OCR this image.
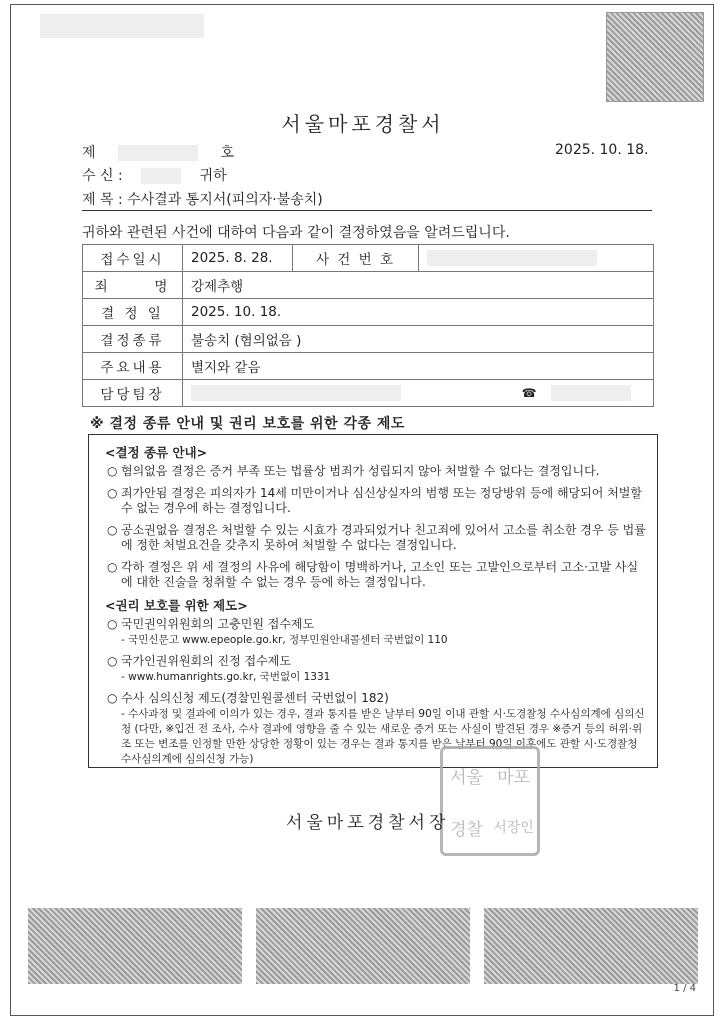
서울마포경찰서
제	호	2025. 10. 18.
수 신 :	귀하
제 목 : 수사결과 통지서(피의자·불송치)
귀하와 관련된 사건에 대하여 다음과 같이 결정하였음을 알려드립니다.
접수일시	2025. 8. 28.	사 건 번 호	
죄      명	강제추행		
결 정 일	2025. 10. 18.		
결정종류	불송치 (혐의없음 )		
주요내용	별지와 같음		
담당팀장	☎		
※ 결정 종류 안내 및 권리 보호를 위한 각종 제도
<결정 종류 안내>
○ 혐의없음 결정은 증거 부족 또는 법률상 범죄가 성립되지 않아 처벌할 수 없다는 결정입니다.
○ 죄가안됨 결정은 피의자가 14세 미만이거나 심신상실자의 범행 또는 정당방위 등에 해당되어 처벌할 수 없는 경우에 하는 결정입니다.
○ 공소권없음 결정은 처벌할 수 있는 시효가 경과되었거나 친고죄에 있어서 고소를 취소한 경우 등 법률에 정한 처벌요건을 갖추지 못하여 처벌할 수 없다는 결정입니다.
○ 각하 결정은 위 세 결정의 사유에 해당함이 명백하거나, 고소인 또는 고발인으로부터 고소·고발 사실에 대한 진술을 청취할 수 없는 경우 등에 하는 결정입니다.
<권리 보호를 위한 제도>
○ 국민권익위원회의 고충민원 접수제도
- 국민신문고 www.epeople.go.kr, 정부민원안내콜센터 국번없이 110
○ 국가인권위원회의 진정 접수제도
- www.humanrights.go.kr, 국번없이 1331
○ 수사 심의신청 제도(경찰민원콜센터 국번없이 182)
- 수사과정 및 결과에 이의가 있는 경우, 결과 통지를 받은 날부터 90일 이내 관할 시·도경찰청 수사심의계에 심의신청 (다만, ※입건 전 조사, 수사 결과에 영향을 줄 수 있는 새로운 증거 또는 사실이 발견된 경우 ※증거 등의 허위·위조 또는 변조를 인정할 만한 상당한 정황이 있는 경우는 결과 통지를 받은 날부터 90일 이후에도 관할 시·도경찰청 수사심의계에 심의신청 가능)
서울 마포
경찰 서장인
서울마포경찰서장
1 / 4
